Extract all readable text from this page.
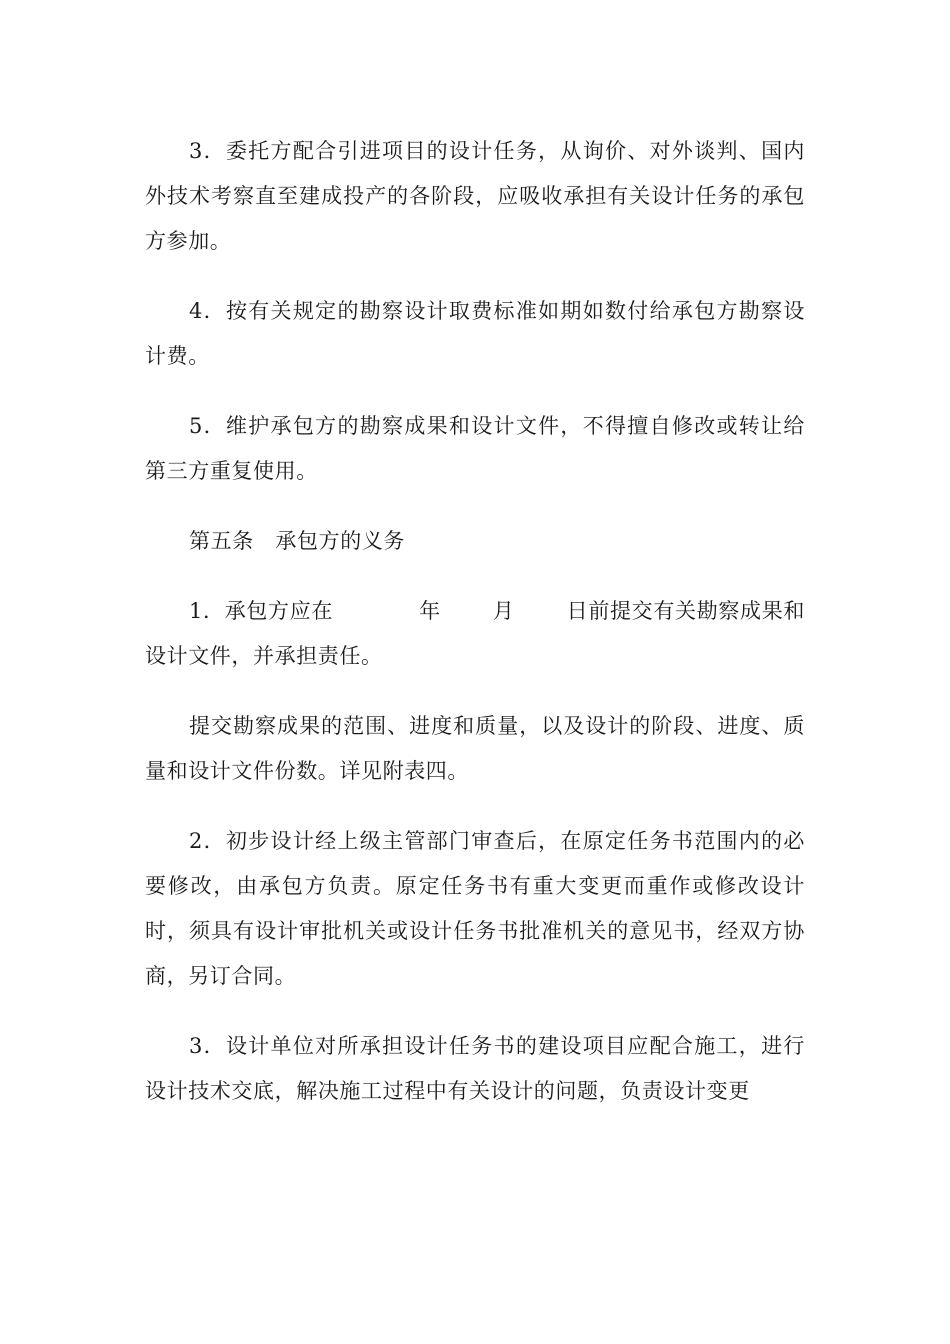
3．委托方配合引进项目的设计任务，从询价、对外谈判、国内外技术考察直至建成投产的各阶段，应吸收承担有关设计任务的承包方参加。

4．按有关规定的勘察设计取费标准如期如数付给承包方勘察设计费。

5．维护承包方的勘察成果和设计文件，不得擅自修改或转让给第三方重复使用。

第五条　承包方的义务

1．承包方应在	年 月 日前提交有关勘察成果和设计文件，并承担责任。

提交勘察成果的范围、进度和质量，以及设计的阶段、进度、质量和设计文件份数。详见附表四。

2．初步设计经上级主管部门审查后，在原定任务书范围内的必要修改，由承包方负责。原定任务书有重大变更而重作或修改设计时，须具有设计审批机关或设计任务书批准机关的意见书，经双方协商，另订合同。

3．设计单位对所承担设计任务书的建设项目应配合施工，进行设计技术交底，解决施工过程中有关设计的问题，负责设计变更
